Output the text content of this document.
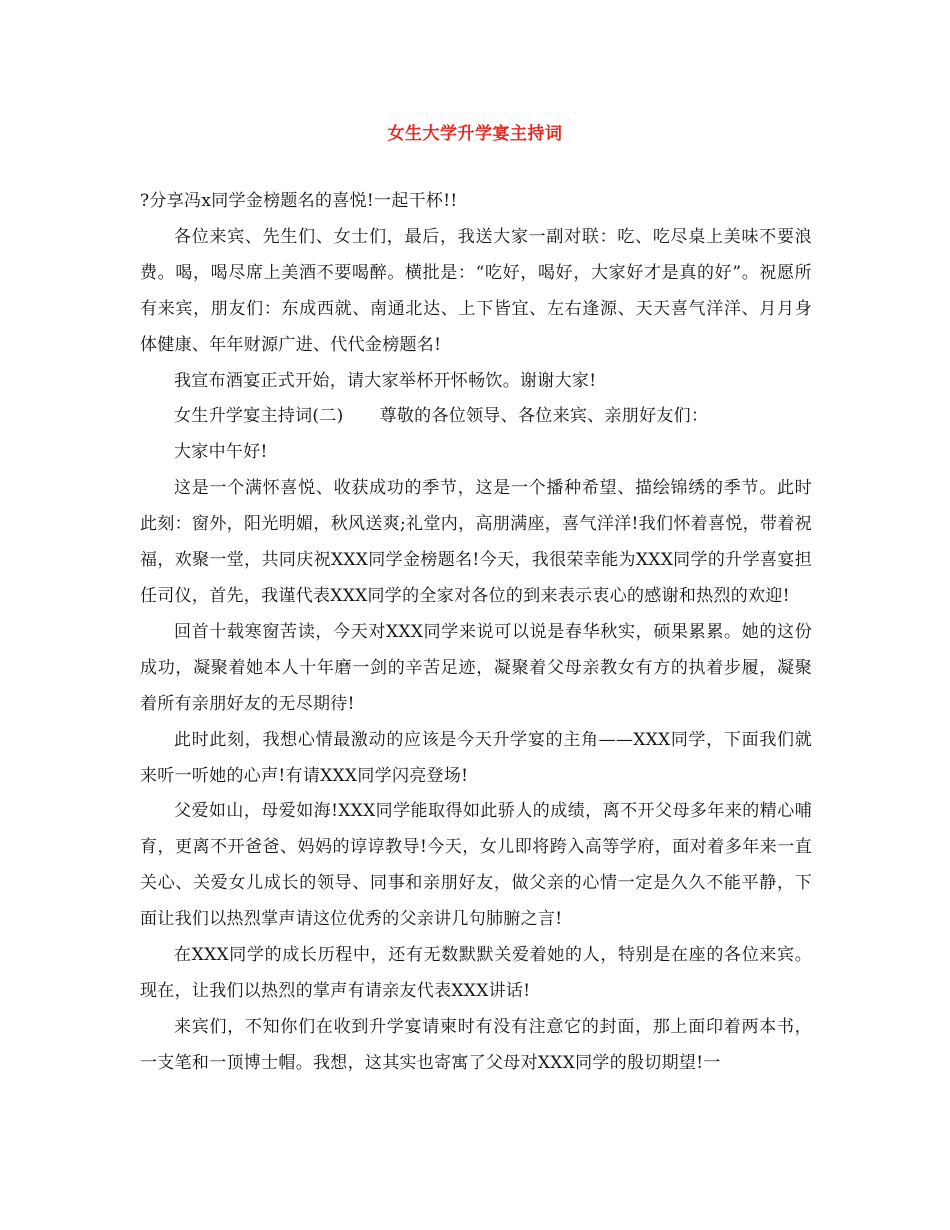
女生大学升学宴主持词

?分享冯x同学金榜题名的喜悦!一起干杯!!

各位来宾、先生们、女士们，最后，我送大家一副对联：吃、吃尽桌上美味不要浪费。喝，喝尽席上美酒不要喝醉。横批是：“吃好，喝好，大家好才是真的好”。祝愿所有来宾，朋友们：东成西就、南通北达、上下皆宜、左右逢源、天天喜气洋洋、月月身体健康、年年财源广进、代代金榜题名!

我宣布酒宴正式开始，请大家举杯开怀畅饮。谢谢大家!

女生升学宴主持词(二) 尊敬的各位领导、各位来宾、亲朋好友们：

大家中午好!

这是一个满怀喜悦、收获成功的季节，这是一个播种希望、描绘锦绣的季节。此时此刻：窗外，阳光明媚，秋风送爽;礼堂内，高朋满座，喜气洋洋!我们怀着喜悦，带着祝福，欢聚一堂，共同庆祝XXX同学金榜题名!今天，我很荣幸能为XXX同学的升学喜宴担任司仪，首先，我谨代表XXX同学的全家对各位的到来表示衷心的感谢和热烈的欢迎!

回首十载寒窗苦读，今天对XXX同学来说可以说是春华秋实，硕果累累。她的这份成功，凝聚着她本人十年磨一剑的辛苦足迹，凝聚着父母亲教女有方的执着步履，凝聚着所有亲朋好友的无尽期待!

此时此刻，我想心情最激动的应该是今天升学宴的主角——XXX同学，下面我们就来听一听她的心声!有请XXX同学闪亮登场!

父爱如山，母爱如海!XXX同学能取得如此骄人的成绩，离不开父母多年来的精心哺育，更离不开爸爸、妈妈的谆谆教导!今天，女儿即将跨入高等学府，面对着多年来一直关心、关爱女儿成长的领导、同事和亲朋好友，做父亲的心情一定是久久不能平静，下面让我们以热烈掌声请这位优秀的父亲讲几句肺腑之言!

在XXX同学的成长历程中，还有无数默默关爱着她的人，特别是在座的各位来宾。现在，让我们以热烈的掌声有请亲友代表XXX讲话!

来宾们，不知你们在收到升学宴请柬时有没有注意它的封面，那上面印着两本书，一支笔和一顶博士帽。我想，这其实也寄寓了父母对XXX同学的殷切期望!一
